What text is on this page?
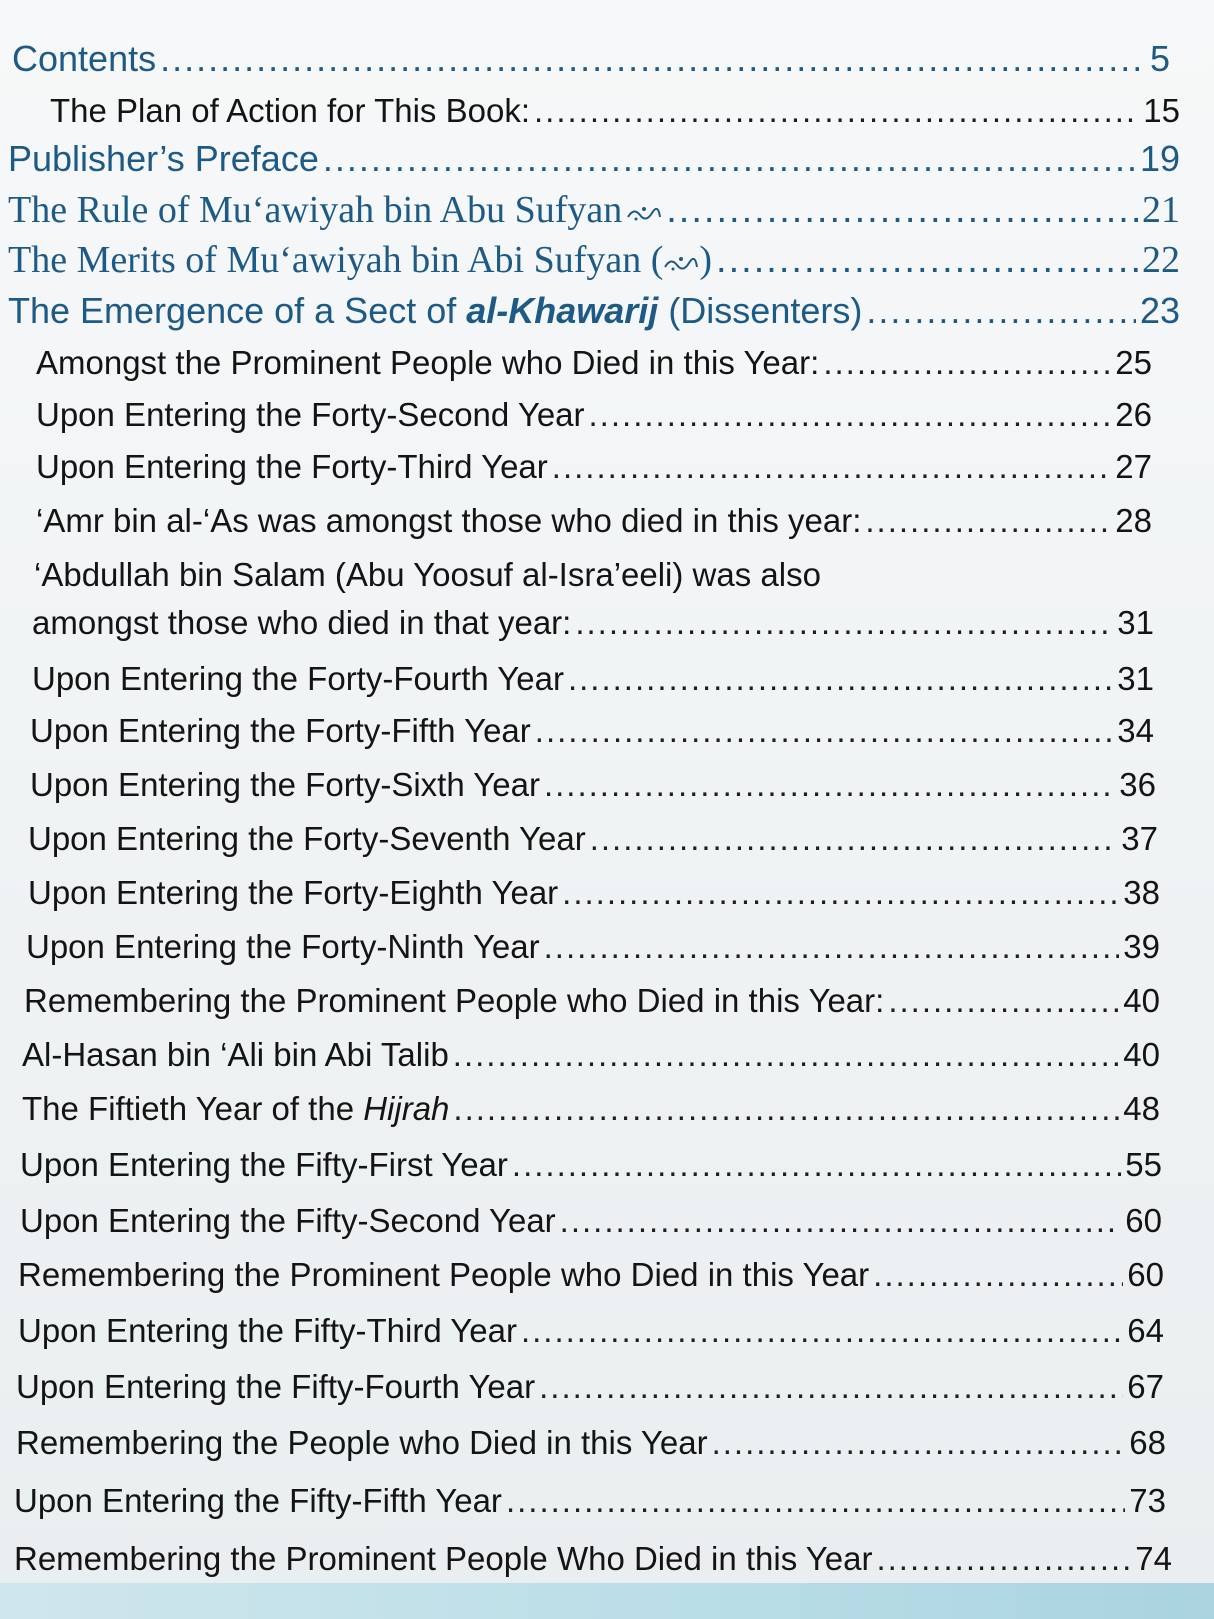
Contents .....	5
The Plan of Action for This Book: .....	15
Publisher’s Preface .....	19
The Rule of Mu‘awiyah bin Abu Sufyan .....	21
The Merits of Mu‘awiyah bin Abi Sufyan ( ) .....	22
The Emergence of a Sect of al-Khawarij (Dissenters) .....	23
Amongst the Prominent People who Died in this Year: .....	25
Upon Entering the Forty-Second Year .....	26
Upon Entering the Forty-Third Year .....	27
‘Amr bin al-‘As was amongst those who died in this year: .....	28
‘Abdullah bin Salam (Abu Yoosuf al-Isra’eeli) was also
amongst those who died in that year: .....	31
Upon Entering the Forty-Fourth Year .....	31
Upon Entering the Forty-Fifth Year .....	34
Upon Entering the Forty-Sixth Year .....	36
Upon Entering the Forty-Seventh Year .....	37
Upon Entering the Forty-Eighth Year .....	38
Upon Entering the Forty-Ninth Year .....	39
Remembering the Prominent People who Died in this Year: .....	40
Al-Hasan bin ‘Ali bin Abi Talib .....	40
The Fiftieth Year of the Hijrah .....	48
Upon Entering the Fifty-First Year .....	55
Upon Entering the Fifty-Second Year .....	60
Remembering the Prominent People who Died in this Year .....	60
Upon Entering the Fifty-Third Year .....	64
Upon Entering the Fifty-Fourth Year .....	67
Remembering the People who Died in this Year .....	68
Upon Entering the Fifty-Fifth Year .....	73
Remembering the Prominent People Who Died in this Year .....	74
